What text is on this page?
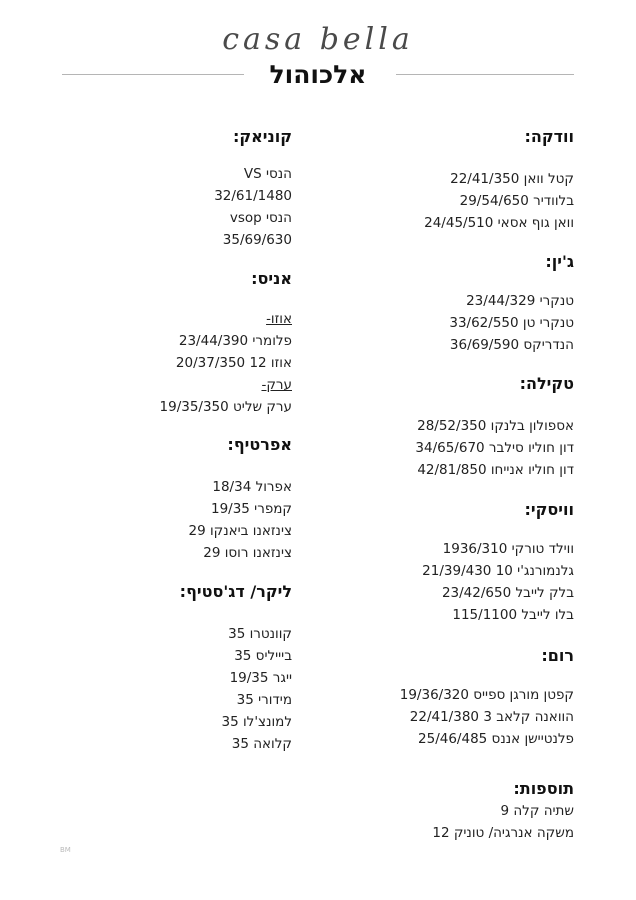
casa bella
אלכוהול
וודקה:
קטל וואן 22/41/350
בלוודיר 29/54/650
וואן גוף אסאי 24/45/510
ג'ין:
טנקרי 23/44/329
טנקרי טן 33/62/550
הנדריקס 36/69/590
טקילה:
אספולון בלנקו 28/52/350
דון חוליו סילבר 34/65/670
דון חוליו אנייחו 42/81/850
וויסקי:
ווילד טורקי 1936/310
גלנמורנג'י 10 21/39/430
בלק לייבל 23/42/650
בלו לייבל 115/1100
רום:
קפטן מורגן ספייס 19/36/320
הוואנה קלאב 3 22/41/380
פלנטיישן אננס 25/46/485
תוספות:
שתיה קלה 9
משקה אנרגיה/ טוניק 12
קוניאק:
הנסי VS
32/61/1480
הנסי vsop
35/69/630
אניס:
אוזו-
פלומרי 23/44/390
אוזו 12 20/37/350
ערק-
ערק שליט 19/35/350
אפרטיף:
אפרול 18/34
קמפרי 19/35
צינזאנו ביאנקו 29
צינזאנו רוסו 29
ליקר/ דג'סטיף:
קוונטרו 35
ביייליס 35
ייגר 19/35
מידורי 35
למונצ'לו 35
קלואה 35
BM
